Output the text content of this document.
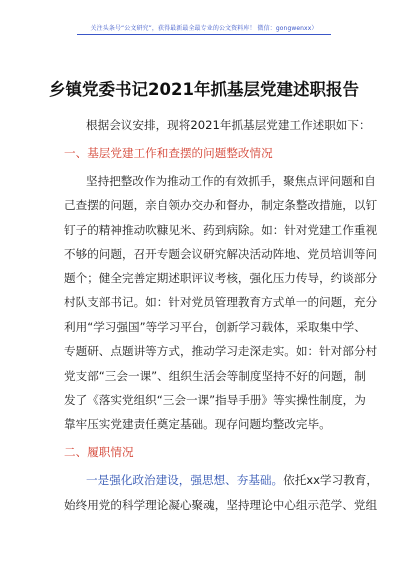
关注头条号“公文研究”，获得最新最全最专业的公文资料库！ 微信：gongwenxx）
乡镇党委书记2021年抓基层党建述职报告
根据会议安排，现将2021年抓基层党建工作述职如下：
一、基层党建工作和查摆的问题整改情况
坚持把整改作为推动工作的有效抓手，聚焦点评问题和自
己查摆的问题，亲自领办交办和督办，制定条整改措施，以钉
钉子的精神推动吹糠见米、药到病除。如：针对党建工作重视
不够的问题，召开专题会议研究解决活动阵地、党员培训等问
题个；健全完善定期述职评议考核，强化压力传导，约谈部分
村队支部书记。如：针对党员管理教育方式单一的问题，充分
利用“学习强国”等学习平台，创新学习载体，采取集中学、
专题研、点题讲等方式，推动学习走深走实。如：针对部分村
党支部“三会一课”、组织生活会等制度坚持不好的问题，制
发了《落实党组织“三会一课”指导手册》等实操性制度，为
靠牢压实党建责任奠定基础。现存问题均整改完毕。
二、履职情况
一是强化政治建设，强思想、夯基础。依托xx学习教育，
始终用党的科学理论凝心聚魂，坚持理论中心组示范学、党组
